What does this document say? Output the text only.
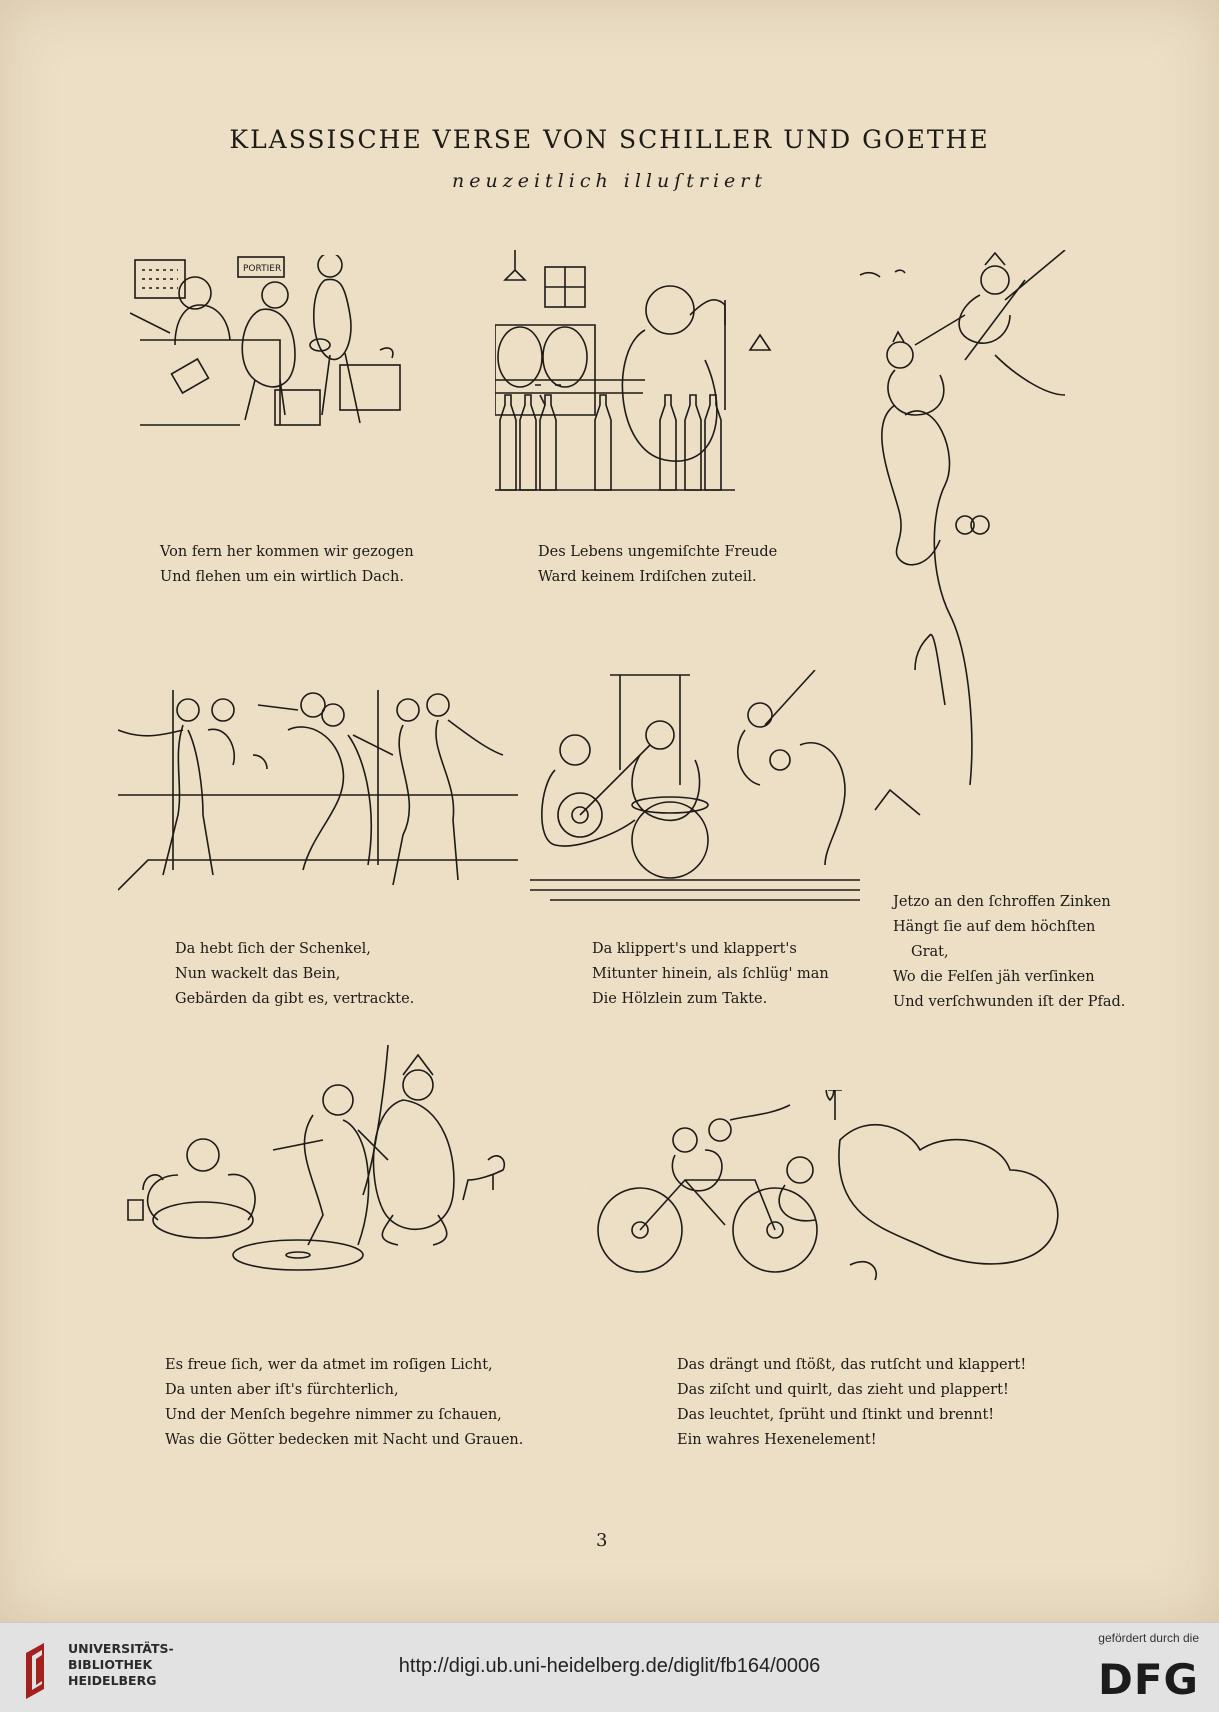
KLASSISCHE VERSE VON SCHILLER UND GOETHE
neuzeitlich illuſtriert
PORTIER
Von fern her kommen wir gezogen
Und flehen um ein wirtlich Dach.
Des Lebens ungemiſchte Freude
Ward keinem Irdiſchen zuteil.
Da hebt ſich der Schenkel,
Nun wackelt das Bein,
Gebärden da gibt es, vertrackte.
Da klippert's und klappert's
Mitunter hinein, als ſchlüg' man
Die Hölzlein zum Takte.
Jetzo an den ſchroffen Zinken
Hängt ſie auf dem höchſten
Grat,
Wo die Felſen jäh verſinken
Und verſchwunden iſt der Pfad.
Es freue ſich, wer da atmet im roſigen Licht,
Da unten aber iſt's fürchterlich,
Und der Menſch begehre nimmer zu ſchauen,
Was die Götter bedecken mit Nacht und Grauen.
Das drängt und ſtößt, das rutſcht und klappert!
Das ziſcht und quirlt, das zieht und plappert!
Das leuchtet, ſprüht und ſtinkt und brennt!
Ein wahres Hexenelement!
3
UNIVERSITÄTS-
BIBLIOTHEK
HEIDELBERG
http://digi.ub.uni-heidelberg.de/diglit/fb164/0006
gefördert durch die
DFG
